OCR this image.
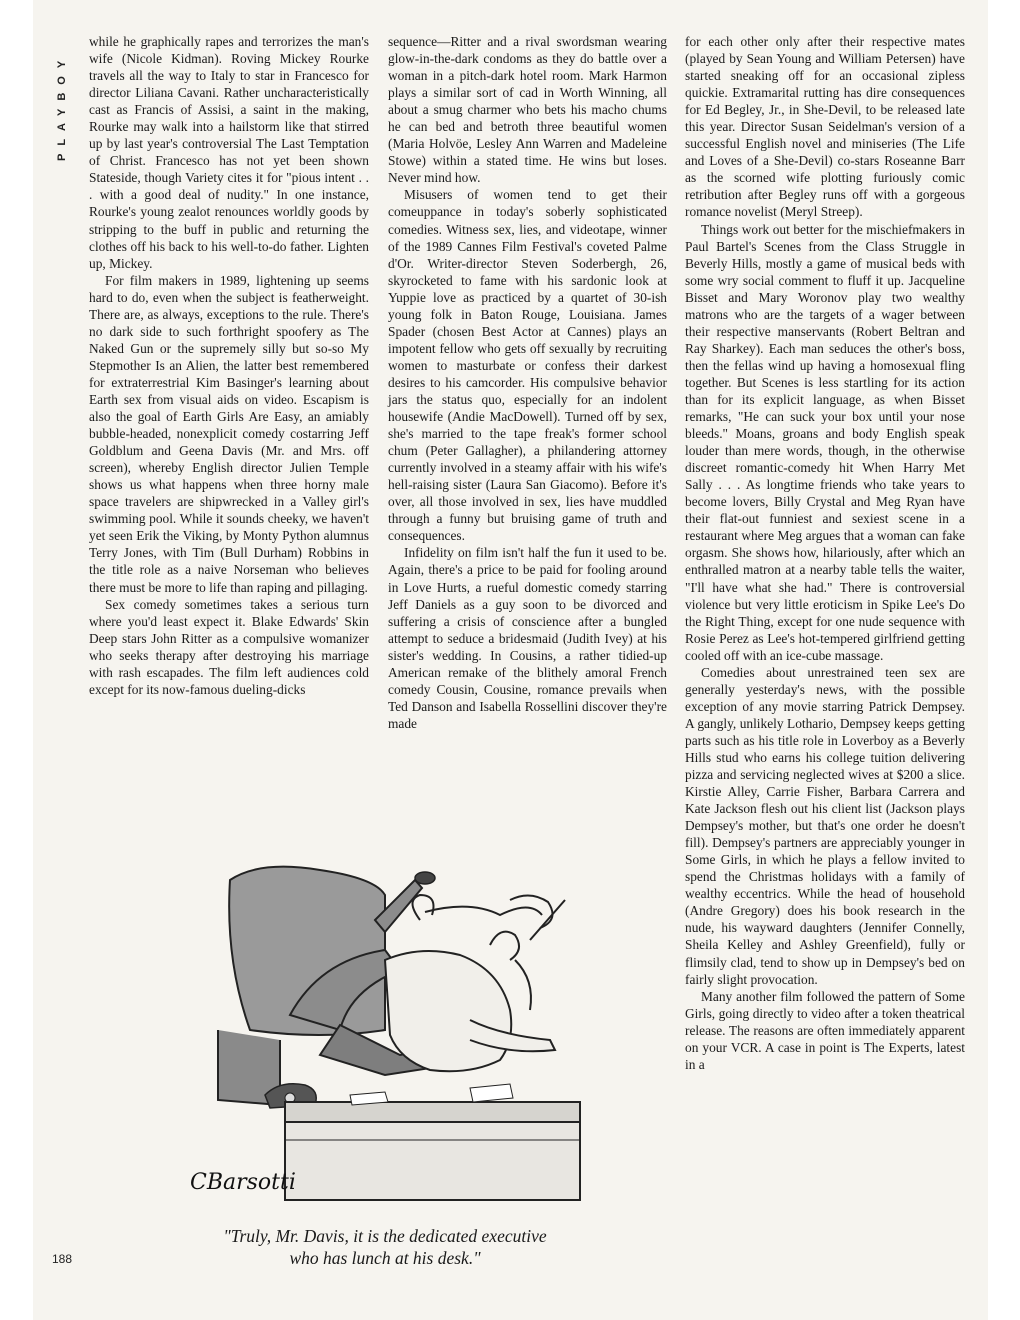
PLAYBOY

while he graphically rapes and terrorizes the man's wife (Nicole Kidman). Roving Mickey Rourke travels all the way to Italy to star in Francesco for director Liliana Cavani. Rather uncharacteristically cast as Francis of Assisi, a saint in the making, Rourke may walk into a hailstorm like that stirred up by last year's controversial The Last Temptation of Christ. Francesco has not yet been shown Stateside, though Variety cites it for "pious intent . . . with a good deal of nudity." In one instance, Rourke's young zealot renounces worldly goods by stripping to the buff in public and returning the clothes off his back to his well-to-do father. Lighten up, Mickey.

For film makers in 1989, lightening up seems hard to do, even when the subject is featherweight. There are, as always, exceptions to the rule. There's no dark side to such forthright spoofery as The Naked Gun or the supremely silly but so-so My Stepmother Is an Alien, the latter best remembered for extraterrestrial Kim Basinger's learning about Earth sex from visual aids on video. Escapism is also the goal of Earth Girls Are Easy, an amiably bubble-headed, nonexplicit comedy costarring Jeff Goldblum and Geena Davis (Mr. and Mrs. off screen), whereby English director Julien Temple shows us what happens when three horny male space travelers are shipwrecked in a Valley girl's swimming pool. While it sounds cheeky, we haven't yet seen Erik the Viking, by Monty Python alumnus Terry Jones, with Tim (Bull Durham) Robbins in the title role as a naive Norseman who believes there must be more to life than raping and pillaging.

Sex comedy sometimes takes a serious turn where you'd least expect it. Blake Edwards' Skin Deep stars John Ritter as a compulsive womanizer who seeks therapy after destroying his marriage with rash escapades. The film left audiences cold except for its now-famous dueling-dicks

sequence—Ritter and a rival swordsman wearing glow-in-the-dark condoms as they do battle over a woman in a pitch-dark hotel room. Mark Harmon plays a similar sort of cad in Worth Winning, all about a smug charmer who bets his macho chums he can bed and betroth three beautiful women (Maria Holvöe, Lesley Ann Warren and Madeleine Stowe) within a stated time. He wins but loses. Never mind how.

Misusers of women tend to get their comeuppance in today's soberly sophisticated comedies. Witness sex, lies, and videotape, winner of the 1989 Cannes Film Festival's coveted Palme d'Or. Writer-director Steven Soderbergh, 26, skyrocketed to fame with his sardonic look at Yuppie love as practiced by a quartet of 30-ish young folk in Baton Rouge, Louisiana. James Spader (chosen Best Actor at Cannes) plays an impotent fellow who gets off sexually by recruiting women to masturbate or confess their darkest desires to his camcorder. His compulsive behavior jars the status quo, especially for an indolent housewife (Andie MacDowell). Turned off by sex, she's married to the tape freak's former school chum (Peter Gallagher), a philandering attorney currently involved in a steamy affair with his wife's hell-raising sister (Laura San Giacomo). Before it's over, all those involved in sex, lies have muddled through a funny but bruising game of truth and consequences.

Infidelity on film isn't half the fun it used to be. Again, there's a price to be paid for fooling around in Love Hurts, a rueful domestic comedy starring Jeff Daniels as a guy soon to be divorced and suffering a crisis of conscience after a bungled attempt to seduce a bridesmaid (Judith Ivey) at his sister's wedding. In Cousins, a rather tidied-up American remake of the blithely amoral French comedy Cousin, Cousine, romance prevails when Ted Danson and Isabella Rossellini discover they're made

for each other only after their respective mates (played by Sean Young and William Petersen) have started sneaking off for an occasional zipless quickie. Extramarital rutting has dire consequences for Ed Begley, Jr., in She-Devil, to be released late this year. Director Susan Seidelman's version of a successful English novel and miniseries (The Life and Loves of a She-Devil) co-stars Roseanne Barr as the scorned wife plotting furiously comic retribution after Begley runs off with a gorgeous romance novelist (Meryl Streep).

Things work out better for the mischiefmakers in Paul Bartel's Scenes from the Class Struggle in Beverly Hills, mostly a game of musical beds with some wry social comment to fluff it up. Jacqueline Bisset and Mary Woronov play two wealthy matrons who are the targets of a wager between their respective manservants (Robert Beltran and Ray Sharkey). Each man seduces the other's boss, then the fellas wind up having a homosexual fling together. But Scenes is less startling for its action than for its explicit language, as when Bisset remarks, "He can suck your box until your nose bleeds." Moans, groans and body English speak louder than mere words, though, in the otherwise discreet romantic-comedy hit When Harry Met Sally . . . As longtime friends who take years to become lovers, Billy Crystal and Meg Ryan have their flat-out funniest and sexiest scene in a restaurant where Meg argues that a woman can fake orgasm. She shows how, hilariously, after which an enthralled matron at a nearby table tells the waiter, "I'll have what she had." There is controversial violence but very little eroticism in Spike Lee's Do the Right Thing, except for one nude sequence with Rosie Perez as Lee's hot-tempered girlfriend getting cooled off with an ice-cube massage.

Comedies about unrestrained teen sex are generally yesterday's news, with the possible exception of any movie starring Patrick Dempsey. A gangly, unlikely Lothario, Dempsey keeps getting parts such as his title role in Loverboy as a Beverly Hills stud who earns his college tuition delivering pizza and servicing neglected wives at $200 a slice. Kirstie Alley, Carrie Fisher, Barbara Carrera and Kate Jackson flesh out his client list (Jackson plays Dempsey's mother, but that's one order he doesn't fill). Dempsey's partners are appreciably younger in Some Girls, in which he plays a fellow invited to spend the Christmas holidays with a family of wealthy eccentrics. While the head of household (Andre Gregory) does his book research in the nude, his wayward daughters (Jennifer Connelly, Sheila Kelley and Ashley Greenfield), fully or flimsily clad, tend to show up in Dempsey's bed on fairly slight provocation.

Many another film followed the pattern of Some Girls, going directly to video after a token theatrical release. The reasons are often immediately apparent on your VCR. A case in point is The Experts, latest in a

CBarsotti
"Truly, Mr. Davis, it is the dedicated executive
who has lunch at his desk."
188
